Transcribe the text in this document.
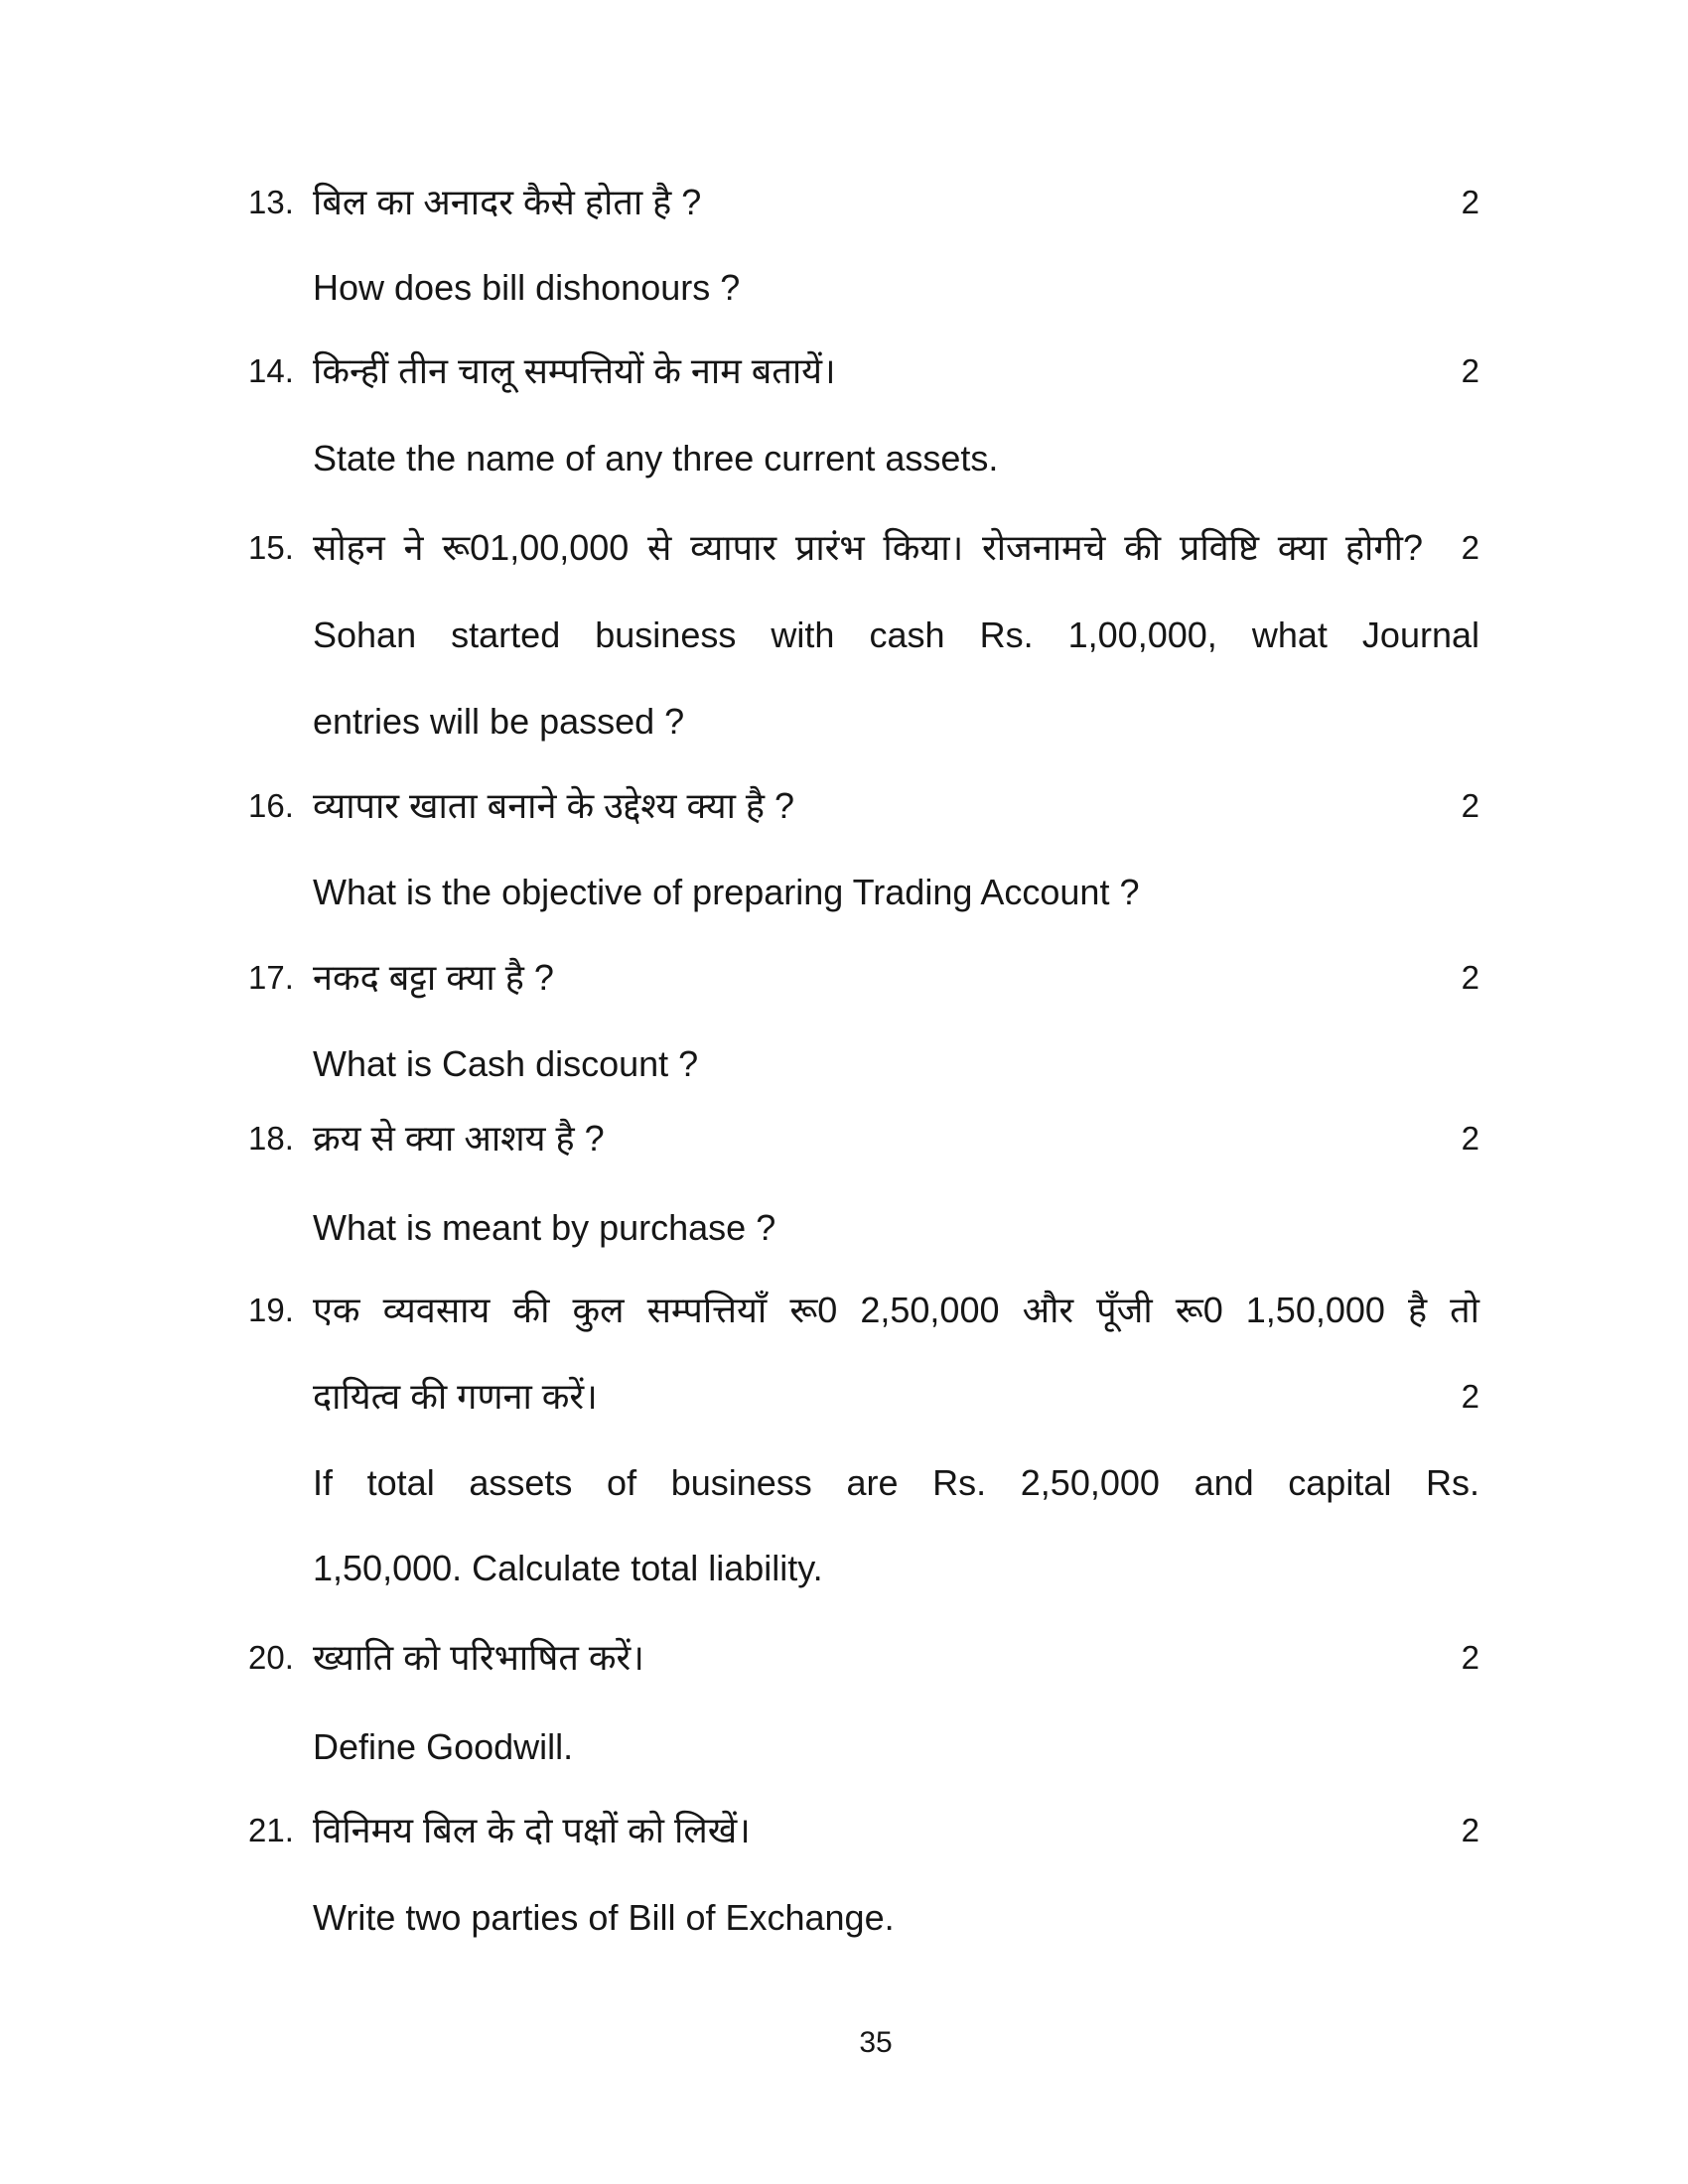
13. बिल का अनादर कैसे होता है ?	2
How does bill dishonours ?
14. किन्हीं तीन चालू सम्पत्तियों के नाम बतायें।	2
State the name of any three current assets.
15. सोहन ने रू01,00,000 से व्यापार प्रारंभ किया। रोजनामचे की प्रविष्टि क्या होगी?	2
Sohan started business with cash Rs. 1,00,000, what Journal
entries will be passed ?
16. व्यापार खाता बनाने के उद्देश्य क्या है ?	2
What is the objective of preparing Trading Account ?
17. नकद बट्टा क्या है ?	2
What is Cash discount ?
18. क्रय से क्या आशय है ?	2
What is meant by purchase ?
19. एक व्यवसाय की कुल सम्पत्तियाँ रू0 2,50,000 और पूँजी रू0 1,50,000 है तो
दायित्व की गणना करें।	2
If total assets of business are Rs. 2,50,000 and capital Rs.
1,50,000. Calculate total liability.
20. ख्याति को परिभाषित करें।	2
Define Goodwill.
21. विनिमय बिल के दो पक्षों को लिखें।	2
Write two parties of Bill of Exchange.
35
